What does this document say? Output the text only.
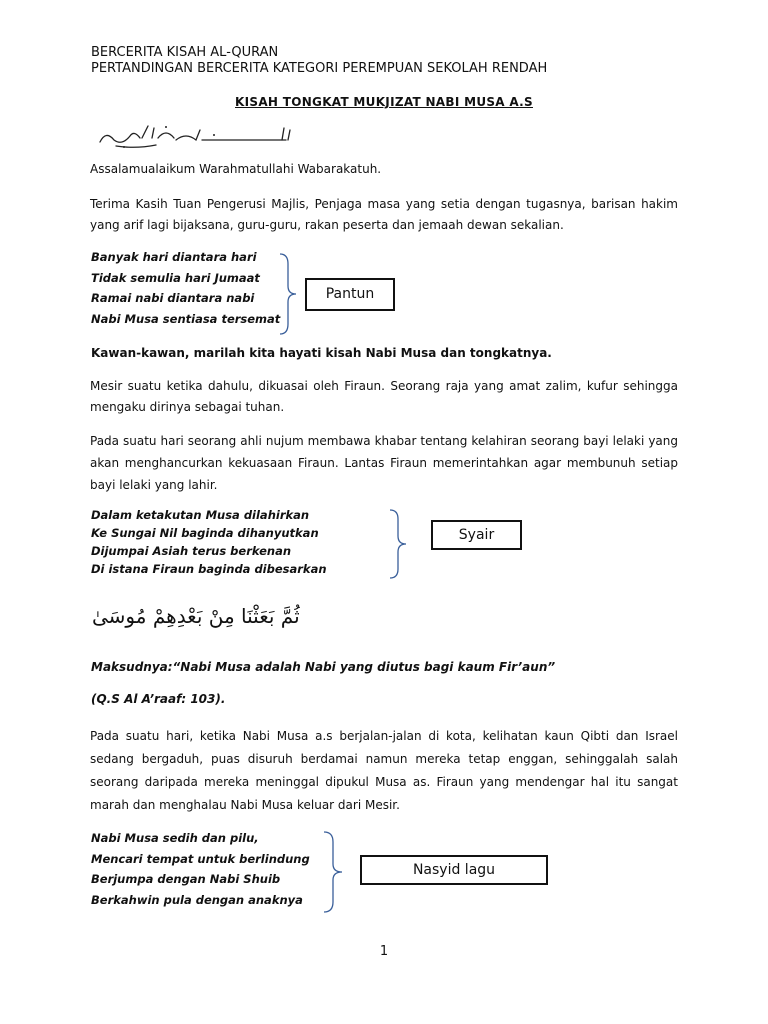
BERCERITA KISAH AL-QURAN
PERTANDINGAN BERCERITA KATEGORI PEREMPUAN SEKOLAH RENDAH
KISAH TONGKAT MUKJIZAT NABI MUSA A.S
Assalamualaikum Warahmatullahi Wabarakatuh.
Terima Kasih Tuan Pengerusi Majlis, Penjaga masa yang setia dengan tugasnya, barisan hakim yang arif lagi bijaksana, guru-guru, rakan peserta dan jemaah dewan sekalian.
Banyak hari diantara hari
Tidak semulia hari Jumaat
Ramai nabi diantara nabi
Nabi Musa sentiasa tersemat
Pantun
Kawan-kawan, marilah kita hayati kisah Nabi Musa dan tongkatnya.
Mesir suatu ketika dahulu, dikuasai oleh Firaun. Seorang raja yang amat zalim, kufur sehingga mengaku dirinya sebagai tuhan.
Pada suatu hari seorang ahli nujum membawa khabar tentang kelahiran seorang bayi lelaki yang akan menghancurkan kekuasaan Firaun. Lantas Firaun memerintahkan agar membunuh setiap bayi lelaki yang lahir.
Dalam ketakutan Musa dilahirkan
Ke Sungai Nil baginda dihanyutkan
Dijumpai Asiah terus berkenan
Di istana Firaun baginda dibesarkan
Syair
ثُمَّ بَعَثْنَا مِنْ بَعْدِهِمْ مُوسَىٰ
Maksudnya:“Nabi Musa adalah Nabi yang diutus bagi kaum Fir’aun”
(Q.S Al A’raaf: 103).
Pada suatu hari, ketika Nabi Musa a.s berjalan-jalan di kota, kelihatan kaun Qibti dan Israel sedang bergaduh, puas disuruh berdamai namun mereka tetap enggan, sehinggalah salah seorang daripada mereka meninggal dipukul Musa as. Firaun yang mendengar hal itu sangat marah dan menghalau Nabi Musa keluar dari Mesir.
Nabi Musa sedih dan pilu,
Mencari tempat untuk berlindung
Berjumpa dengan Nabi Shuib
Berkahwin pula dengan anaknya
Nasyid lagu
1
